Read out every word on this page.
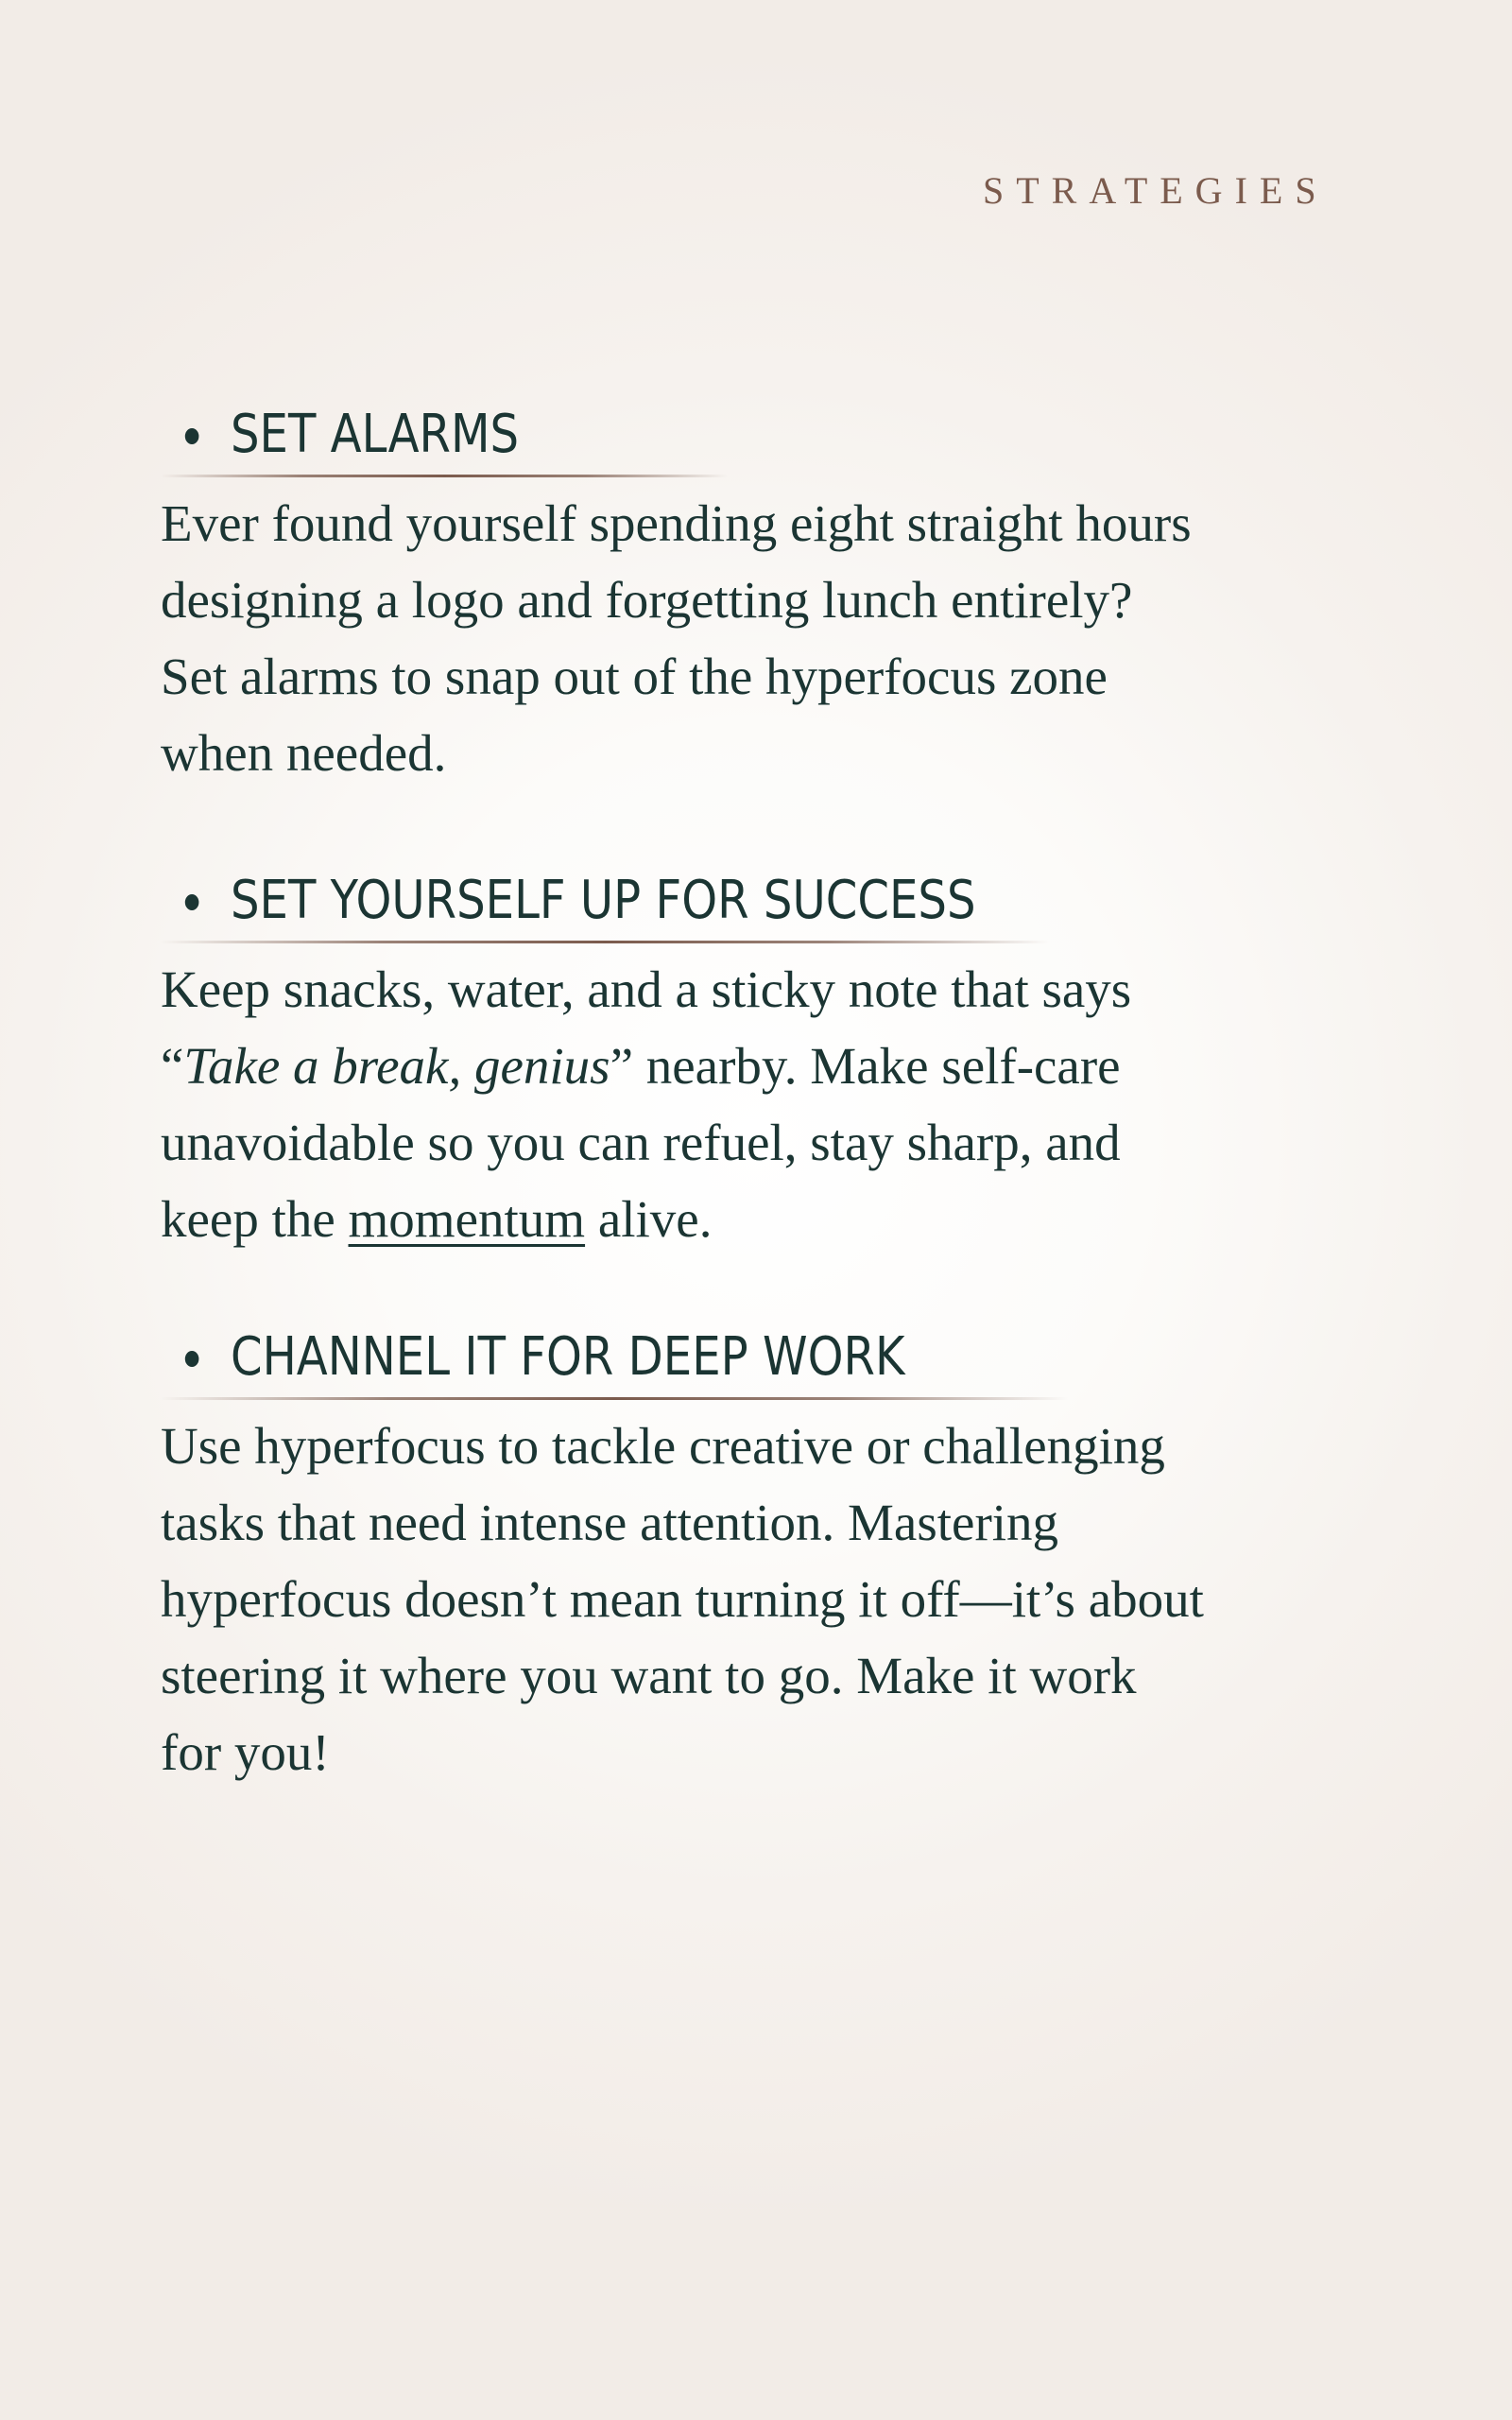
STRATEGIES

SET ALARMS

Ever found yourself spending eight straight hours
designing a logo and forgetting lunch entirely?
Set alarms to snap out of the hyperfocus zone
when needed.

SET YOURSELF UP FOR SUCCESS

Keep snacks, water, and a sticky note that says
“Take a break, genius” nearby. Make self-care
unavoidable so you can refuel, stay sharp, and
keep the momentum alive.

CHANNEL IT FOR DEEP WORK

Use hyperfocus to tackle creative or challenging
tasks that need intense attention. Mastering
hyperfocus doesn’t mean turning it off—it’s about
steering it where you want to go. Make it work
for you!
